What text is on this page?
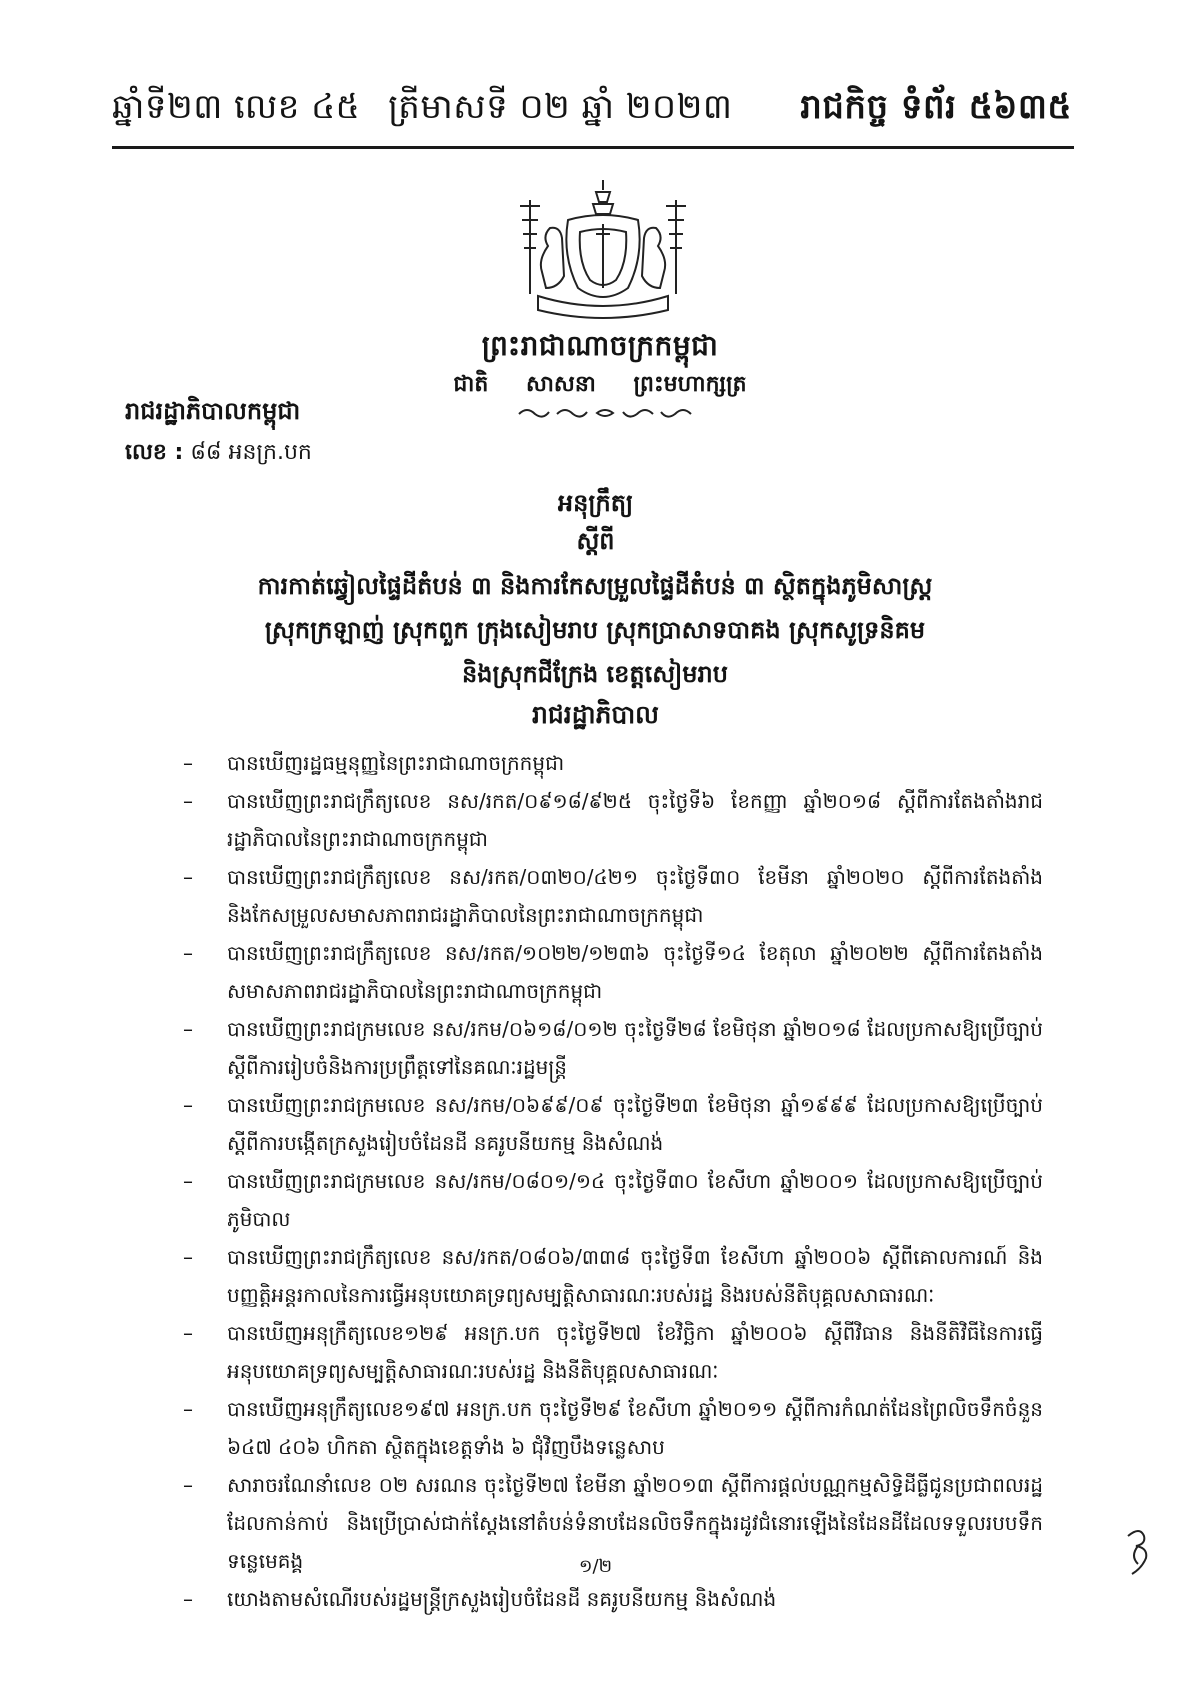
ឆ្នាំទី២៣ លេខ ៤៥ ត្រីមាសទី ០២ ឆ្នាំ ២០២៣ រាជកិច្ច ទំព័រ ៥៦៣៥
ព្រះរាជាណាចក្រកម្ពុជា
ជាតិ សាសនា ព្រះមហាក្សត្រ
រាជរដ្ឋាភិបាលកម្ពុជា
លេខ : ៨៨ អនក្រ.បក
អនុក្រឹត្យ
ស្តីពី
ការកាត់ឆ្វៀលផ្ទៃដីតំបន់ ៣ និងការកែសម្រួលផ្ទៃដីតំបន់ ៣ ស្ថិតក្នុងភូមិសាស្ត្រ
ស្រុកក្រឡាញ់ ស្រុកពួក ក្រុងសៀមរាប ស្រុកប្រាសាទបាគង ស្រុកសូទ្រនិគម
និងស្រុកជីក្រែង ខេត្តសៀមរាប
រាជរដ្ឋាភិបាល
– បានឃើញរដ្ឋធម្មនុញ្ញនៃព្រះរាជាណាចក្រកម្ពុជា
– បានឃើញព្រះរាជក្រឹត្យលេខ នស/រកត/០៩១៨/៩២៥ ចុះថ្ងៃទី៦ ខែកញ្ញា ឆ្នាំ២០១៨ ស្តីពីការតែងតាំងរាជរដ្ឋាភិបាលនៃព្រះរាជាណាចក្រកម្ពុជា
– បានឃើញព្រះរាជក្រឹត្យលេខ នស/រកត/០៣២០/៤២១ ចុះថ្ងៃទី៣០ ខែមីនា ឆ្នាំ២០២០ ស្តីពីការតែងតាំង និងកែសម្រួលសមាសភាពរាជរដ្ឋាភិបាលនៃព្រះរាជាណាចក្រកម្ពុជា
– បានឃើញព្រះរាជក្រឹត្យលេខ នស/រកត/១០២២/១២៣៦ ចុះថ្ងៃទី១៤ ខែតុលា ឆ្នាំ២០២២ ស្តីពីការតែងតាំងសមាសភាពរាជរដ្ឋាភិបាលនៃព្រះរាជាណាចក្រកម្ពុជា
– បានឃើញព្រះរាជក្រមលេខ នស/រកម/០៦១៨/០១២ ចុះថ្ងៃទី២៨ ខែមិថុនា ឆ្នាំ២០១៨ ដែលប្រកាសឱ្យប្រើច្បាប់ស្តីពីការរៀបចំនិងការប្រព្រឹត្តទៅនៃគណៈរដ្ឋមន្ត្រី
– បានឃើញព្រះរាជក្រមលេខ នស/រកម/០៦៩៩/០៩ ចុះថ្ងៃទី២៣ ខែមិថុនា ឆ្នាំ១៩៩៩ ដែលប្រកាសឱ្យប្រើច្បាប់ស្តីពីការបង្កើតក្រសួងរៀបចំដែនដី នគរូបនីយកម្ម និងសំណង់
– បានឃើញព្រះរាជក្រមលេខ នស/រកម/០៨០១/១៤ ចុះថ្ងៃទី៣០ ខែសីហា ឆ្នាំ២០០១ ដែលប្រកាសឱ្យប្រើច្បាប់ភូមិបាល
– បានឃើញព្រះរាជក្រឹត្យលេខ នស/រកត/០៨០៦/៣៣៨ ចុះថ្ងៃទី៣ ខែសីហា ឆ្នាំ២០០៦ ស្តីពីគោលការណ៍ និងបញ្ញត្តិអន្តរកាលនៃការធ្វើអនុបយោគទ្រព្យសម្បត្តិសាធារណៈរបស់រដ្ឋ និងរបស់នីតិបុគ្គលសាធារណៈ
– បានឃើញអនុក្រឹត្យលេខ១២៩ អនក្រ.បក ចុះថ្ងៃទី២៧ ខែវិច្ឆិកា ឆ្នាំ២០០៦ ស្តីពីវិធាន និងនីតិវិធីនៃការធ្វើអនុបយោគទ្រព្យសម្បត្តិសាធារណៈរបស់រដ្ឋ និងនីតិបុគ្គលសាធារណៈ
– បានឃើញអនុក្រឹត្យលេខ១៩៧ អនក្រ.បក ចុះថ្ងៃទី២៩ ខែសីហា ឆ្នាំ២០១១ ស្តីពីការកំណត់ដែនព្រៃលិចទឹកចំនួន ៦៤៧ ៤០៦ ហិកតា ស្ថិតក្នុងខេត្តទាំង ៦ ជុំវិញបឹងទន្លេសាប
– សារាចរណែនាំលេខ ០២ សរណន ចុះថ្ងៃទី២៧ ខែមីនា ឆ្នាំ២០១៣ ស្តីពីការផ្តល់បណ្ណកម្មសិទ្ធិដីធ្លីជូនប្រជាពលរដ្ឋដែលកាន់កាប់ និងប្រើប្រាស់ជាក់ស្តែងនៅតំបន់ទំនាបដែនលិចទឹកក្នុងរដូវជំនោរឡើងនៃដែនដីដែលទទួលរបបទឹកទន្លេមេគង្គ
– យោងតាមសំណើរបស់រដ្ឋមន្ត្រីក្រសួងរៀបចំដែនដី នគរូបនីយកម្ម និងសំណង់
១/២
